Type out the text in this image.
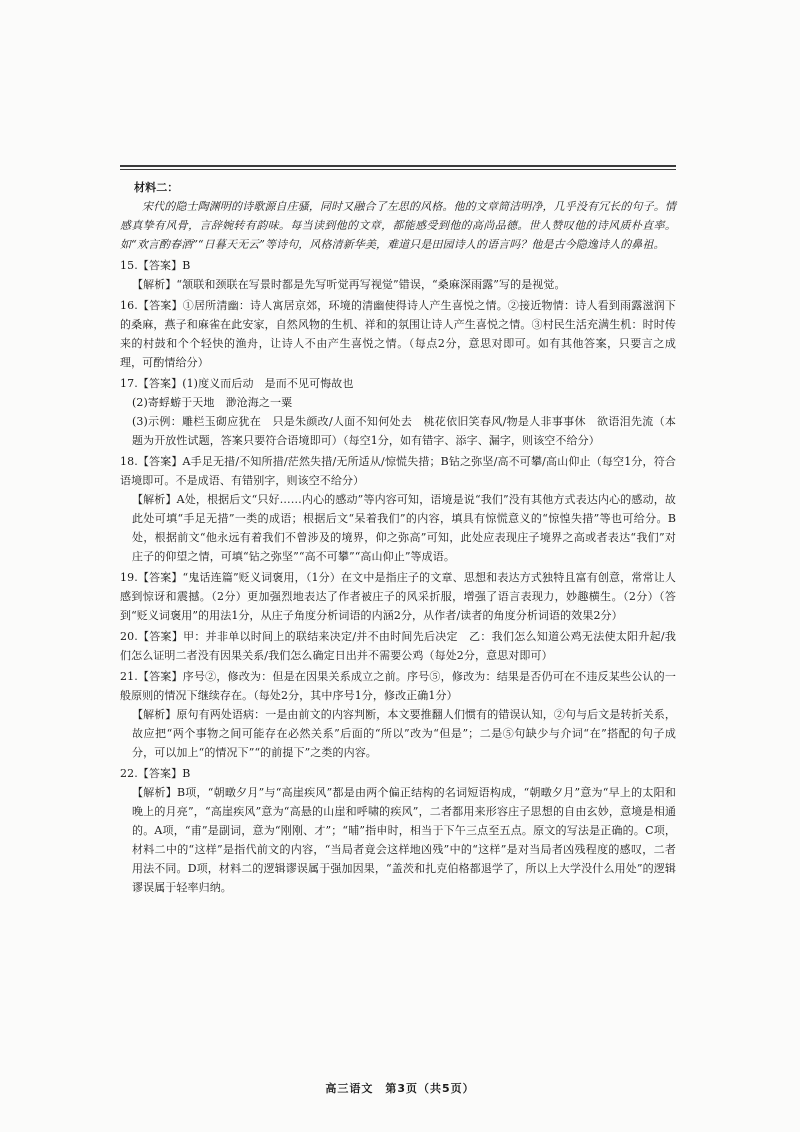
材料二：

宋代的隐士陶渊明的诗歌源自庄骚，同时又融合了左思的风格。他的文章简洁明净，几乎没有冗长的句子。情感真挚有风骨，言辞婉转有韵味。每当读到他的文章，都能感受到他的高尚品德。世人赞叹他的诗风质朴直率。如“欢言酌春酒”“日暮天无云”等诗句，风格清新华美，难道只是田园诗人的语言吗？他是古今隐逸诗人的鼻祖。

15.【答案】B

【解析】“颔联和颈联在写景时都是先写听觉再写视觉”错误，“桑麻深雨露”写的是视觉。

16.【答案】①居所清幽：诗人寓居京郊，环境的清幽使得诗人产生喜悦之情。②接近物情：诗人看到雨露滋润下的桑麻，燕子和麻雀在此安家，自然风物的生机、祥和的氛围让诗人产生喜悦之情。③村民生活充满生机：时时传来的村鼓和个个轻快的渔舟，让诗人不由产生喜悦之情。（每点2分，意思对即可。如有其他答案，只要言之成理，可酌情给分）

17.【答案】(1)度义而后动　是而不见可悔故也

(2)寄蜉蝣于天地　渺沧海之一粟

(3)示例：雕栏玉砌应犹在　只是朱颜改/人面不知何处去　桃花依旧笑春风/物是人非事事休　欲语泪先流（本题为开放性试题，答案只要符合语境即可）（每空1分，如有错字、添字、漏字，则该空不给分）

18.【答案】A手足无措/不知所措/茫然失措/无所适从/惊慌失措；B钻之弥坚/高不可攀/高山仰止（每空1分，符合语境即可。不是成语、有错别字，则该空不给分）

【解析】A处，根据后文“只好……内心的感动”等内容可知，语境是说“我们”没有其他方式表达内心的感动，故此处可填“手足无措”一类的成语；根据后文“呆着我们”的内容，填具有惊慌意义的“惊惶失措”等也可给分。B处，根据前文“他永远有着我们不曾涉及的境界，仰之弥高”可知，此处应表现庄子境界之高或者表达“我们”对庄子的仰望之情，可填“钻之弥坚”“高不可攀”“高山仰止”等成语。

19.【答案】“鬼话连篇”贬义词褒用，（1分）在文中是指庄子的文章、思想和表达方式独特且富有创意，常常让人感到惊讶和震撼。（2分）更加强烈地表达了作者被庄子的风采折服，增强了语言表现力，妙趣横生。（2分）（答到“贬义词褒用”的用法1分，从庄子角度分析词语的内涵2分，从作者/读者的角度分析词语的效果2分）

20.【答案】甲：并非单以时间上的联结来决定/并不由时间先后决定　乙：我们怎么知道公鸡无法使太阳升起/我们怎么证明二者没有因果关系/我们怎么确定日出并不需要公鸡（每处2分，意思对即可）

21.【答案】序号②，修改为：但是在因果关系成立之前。序号⑤，修改为：结果是否仍可在不违反某些公认的一般原则的情况下继续存在。（每处2分，其中序号1分，修改正确1分）

【解析】原句有两处语病：一是由前文的内容判断，本文要推翻人们惯有的错误认知，②句与后文是转折关系，故应把“两个事物之间可能存在必然关系”后面的“所以”改为“但是”；二是⑤句缺少与介词“在”搭配的句子成分，可以加上“的情况下”“的前提下”之类的内容。

22.【答案】B

【解析】B项，“朝暾夕月”与“高崖疾风”都是由两个偏正结构的名词短语构成，“朝暾夕月”意为“早上的太阳和晚上的月亮”，“高崖疾风”意为“高悬的山崖和呼啸的疾风”，二者都用来形容庄子思想的自由玄妙，意境是相通的。A项，“甫”是副词，意为“刚刚、才”；“晡”指申时，相当于下午三点至五点。原文的写法是正确的。C项，材料二中的“这样”是指代前文的内容，“当局者竟会这样地凶残”中的“这样”是对当局者凶残程度的感叹，二者用法不同。D项，材料二的逻辑谬误属于强加因果，“盖茨和扎克伯格都退学了，所以上大学没什么用处”的逻辑谬误属于轻率归纳。

高三语文　第3页（共5页）
